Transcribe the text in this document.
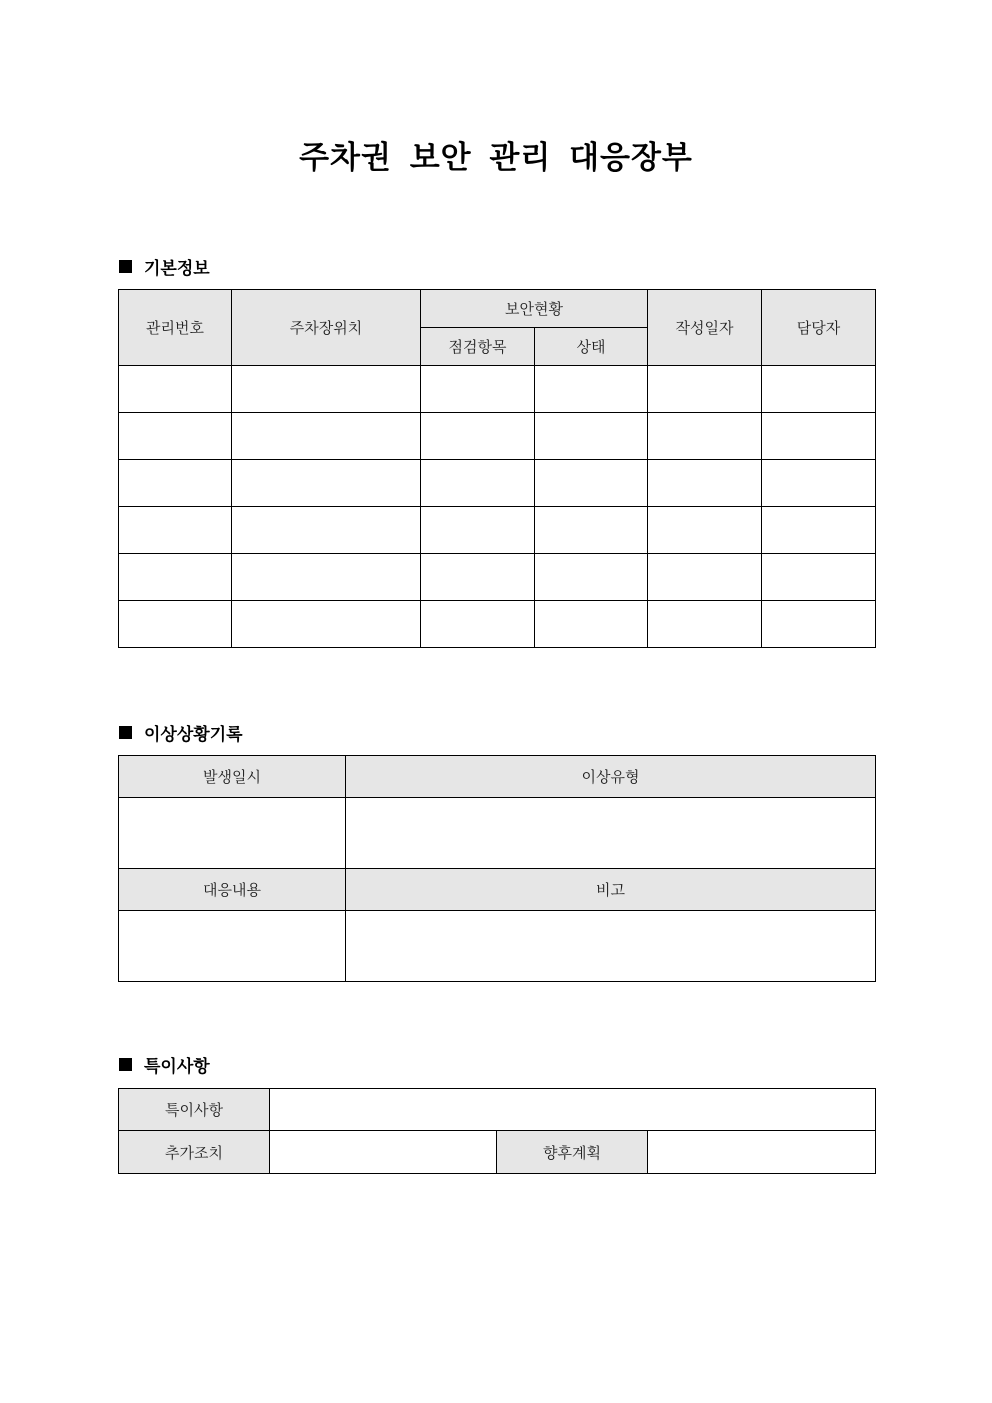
주차권 보안 관리 대응장부
기본정보
관리번호	주차장위치	보안현황		작성일자	담당자
		점검항목	상태		

이상상황기록
발생일시	이상유형

대응내용	비고

특이사항
특이사항			
추가조치		향후계획	
